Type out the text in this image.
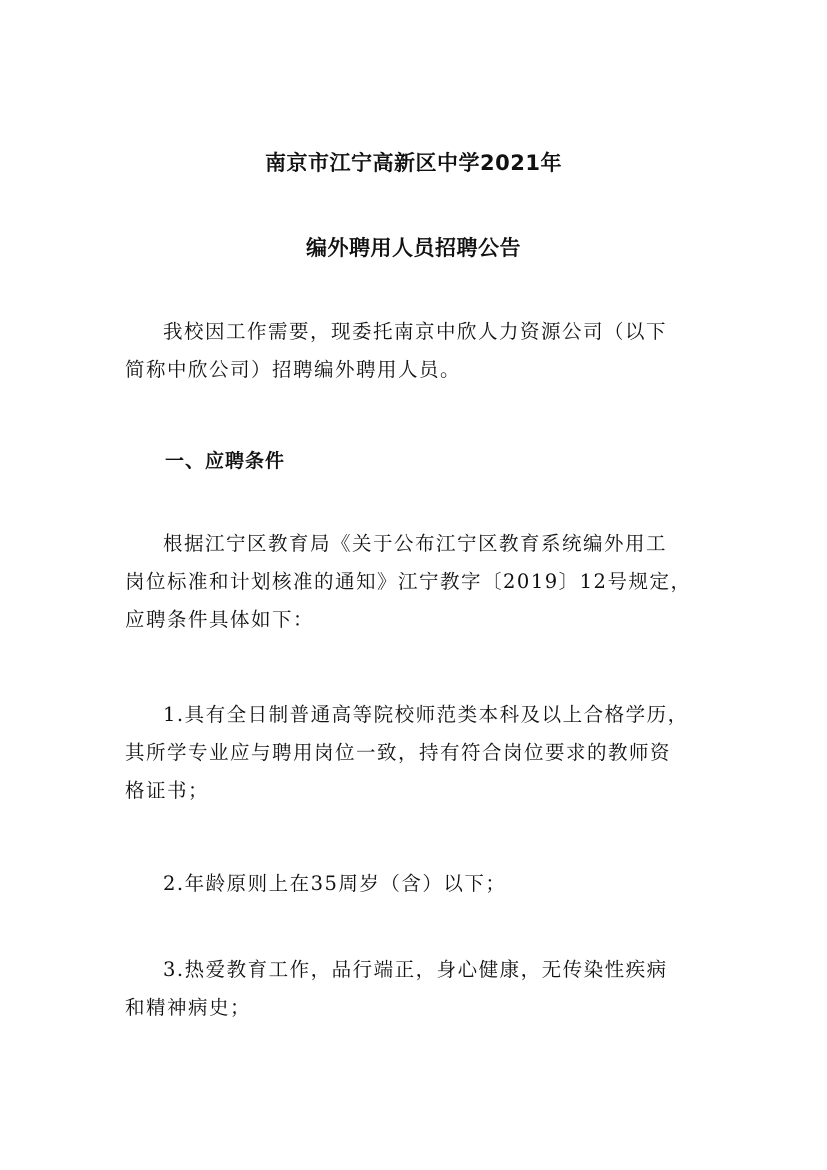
南京市江宁高新区中学2021年
编外聘用人员招聘公告
我校因工作需要，现委托南京中欣人力资源公司（以下
简称中欣公司）招聘编外聘用人员。
一、应聘条件
根据江宁区教育局《关于公布江宁区教育系统编外用工
岗位标准和计划核准的通知》江宁教字〔2019〕12号规定，
应聘条件具体如下：
1.具有全日制普通高等院校师范类本科及以上合格学历，
其所学专业应与聘用岗位一致，持有符合岗位要求的教师资
格证书；
2.年龄原则上在35周岁（含）以下；
3.热爱教育工作，品行端正，身心健康，无传染性疾病
和精神病史；
